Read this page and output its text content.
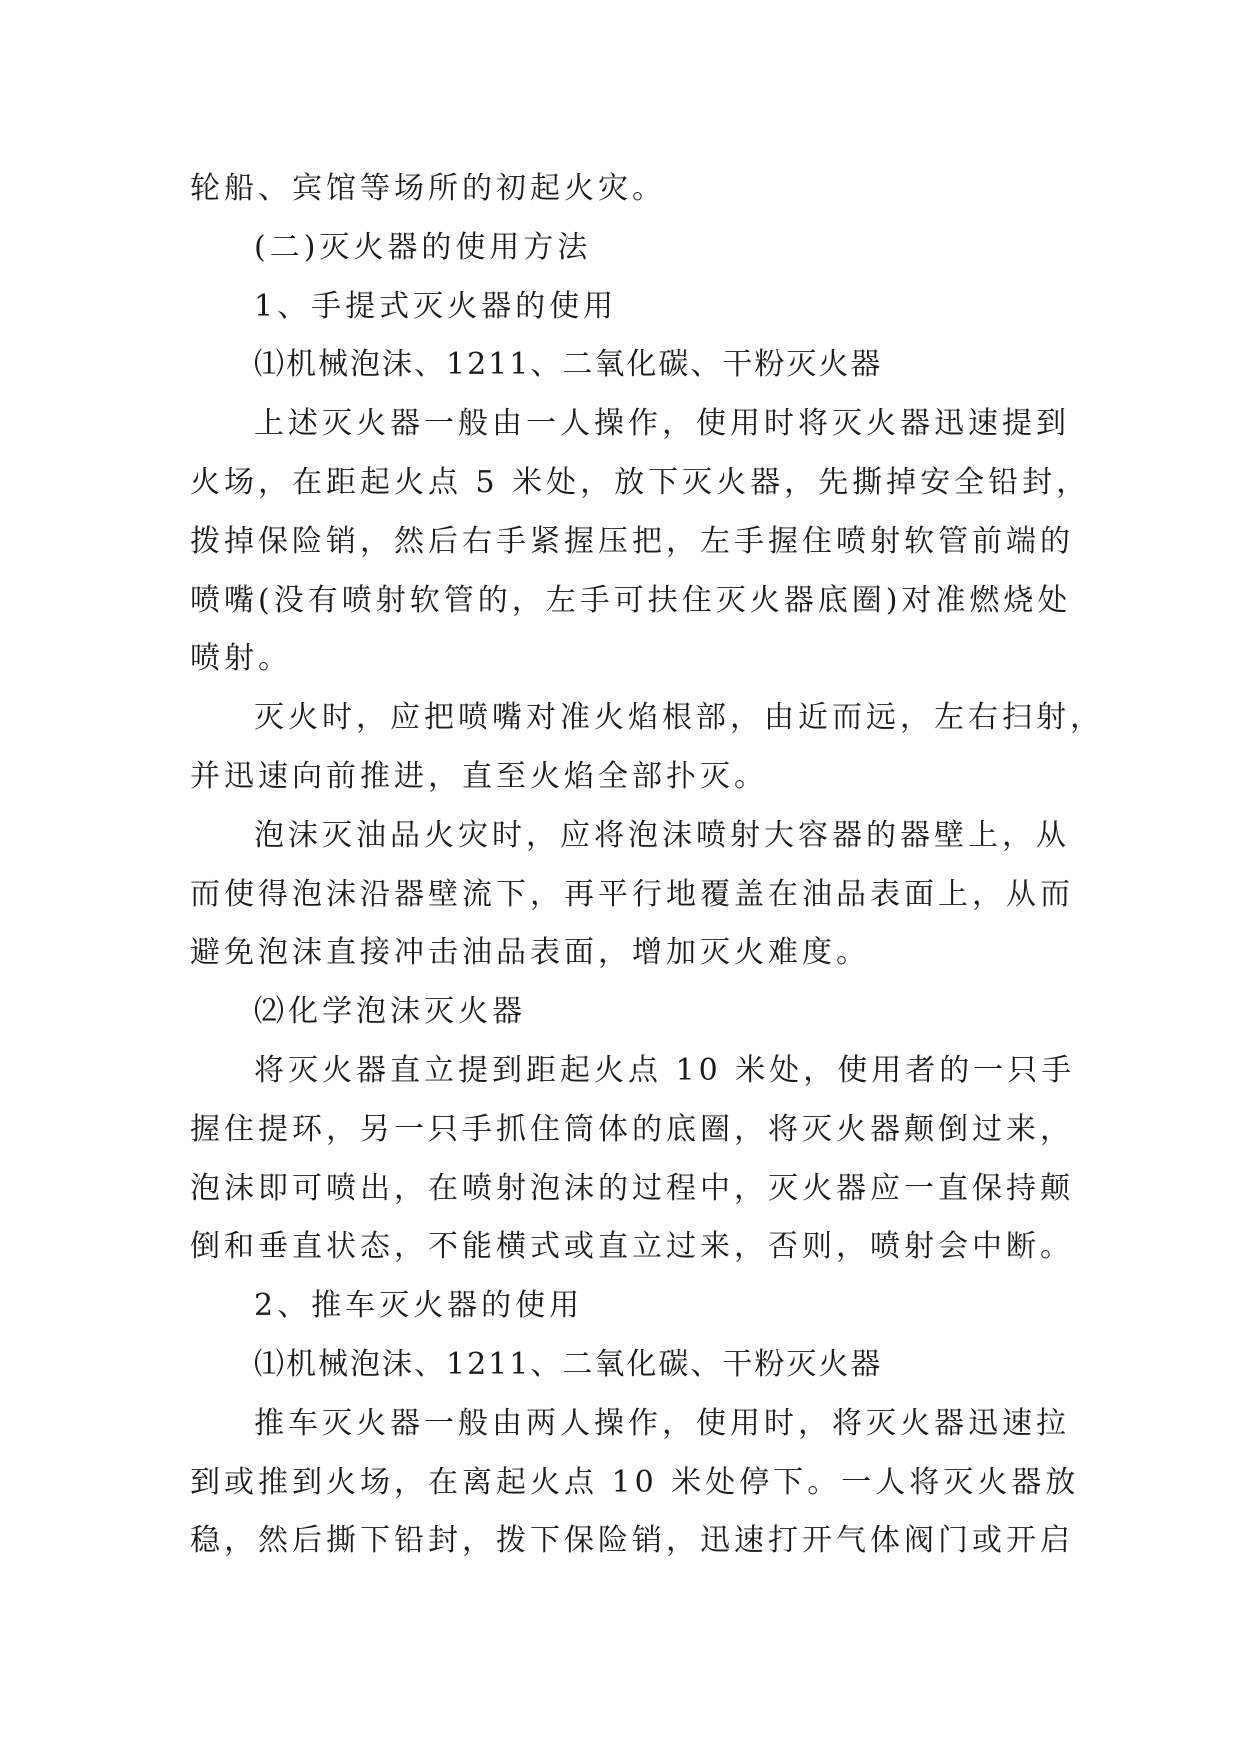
轮船、宾馆等场所的初起火灾。
(二)灭火器的使用方法
1、手提式灭火器的使用
⑴机械泡沫、1211、二氧化碳、干粉灭火器
上述灭火器一般由一人操作，使用时将灭火器迅速提到
火场，在距起火点 5 米处，放下灭火器，先撕掉安全铅封，
拨掉保险销，然后右手紧握压把，左手握住喷射软管前端的
喷嘴(没有喷射软管的，左手可扶住灭火器底圈)对准燃烧处
喷射。
灭火时，应把喷嘴对准火焰根部，由近而远，左右扫射，
并迅速向前推进，直至火焰全部扑灭。
泡沫灭油品火灾时，应将泡沫喷射大容器的器壁上，从
而使得泡沫沿器壁流下，再平行地覆盖在油品表面上，从而
避免泡沫直接冲击油品表面，增加灭火难度。
⑵化学泡沫灭火器
将灭火器直立提到距起火点 10 米处，使用者的一只手
握住提环，另一只手抓住筒体的底圈，将灭火器颠倒过来，
泡沫即可喷出，在喷射泡沫的过程中，灭火器应一直保持颠
倒和垂直状态，不能横式或直立过来，否则，喷射会中断。
2、推车灭火器的使用
⑴机械泡沫、1211、二氧化碳、干粉灭火器
推车灭火器一般由两人操作，使用时，将灭火器迅速拉
到或推到火场，在离起火点 10 米处停下。一人将灭火器放
稳，然后撕下铅封，拨下保险销，迅速打开气体阀门或开启
